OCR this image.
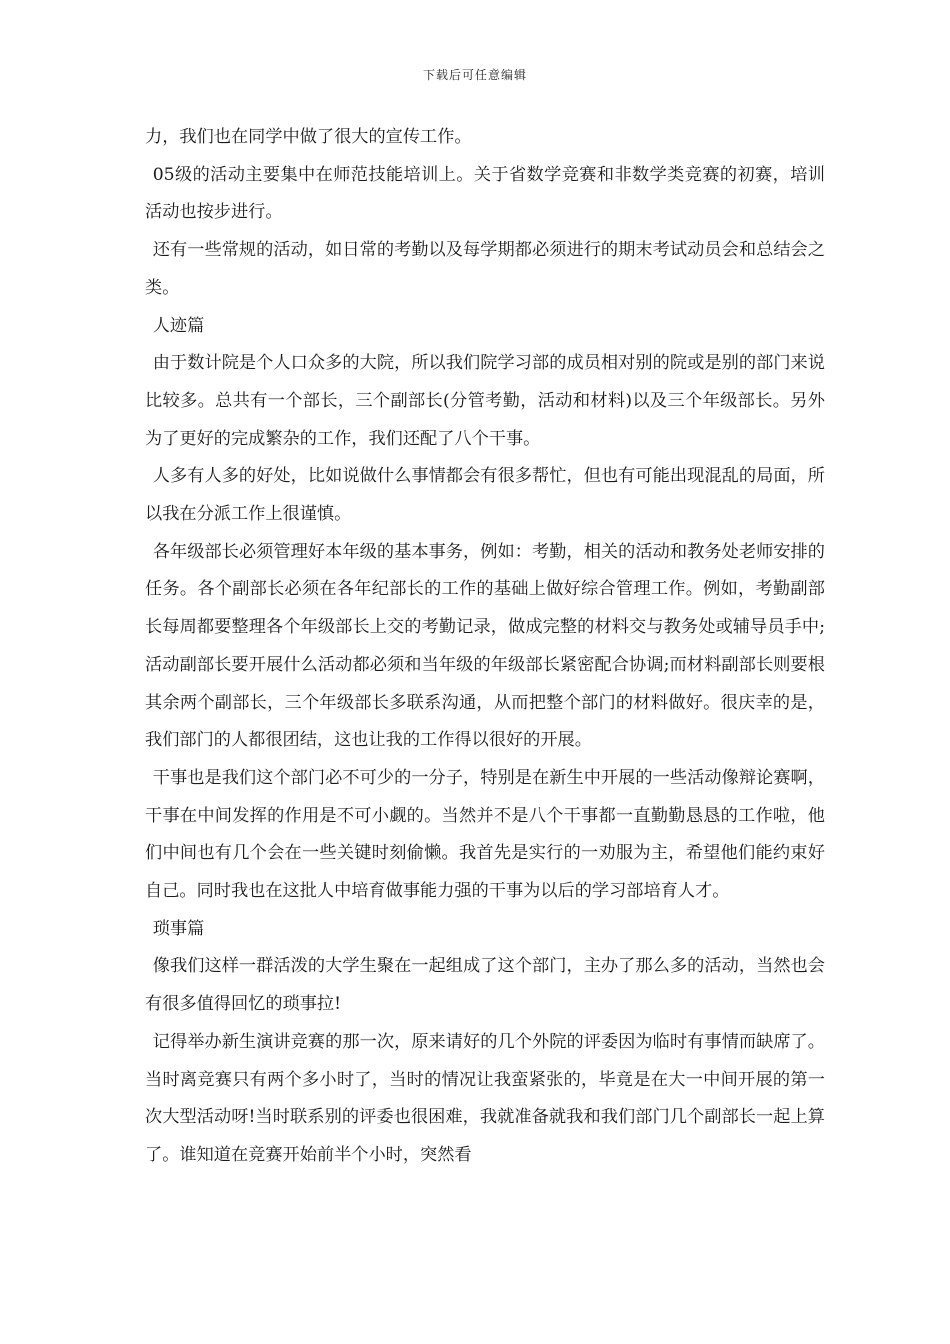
下载后可任意编辑

力，我们也在同学中做了很大的宣传工作。

05级的活动主要集中在师范技能培训上。关于省数学竞赛和非数学类竞赛的初赛，培训活动也按步进行。

还有一些常规的活动，如日常的考勤以及每学期都必须进行的期末考试动员会和总结会之类。

人迹篇

由于数计院是个人口众多的大院，所以我们院学习部的成员相对别的院或是别的部门来说比较多。总共有一个部长，三个副部长(分管考勤，活动和材料)以及三个年级部长。另外为了更好的完成繁杂的工作，我们还配了八个干事。

人多有人多的好处，比如说做什么事情都会有很多帮忙，但也有可能出现混乱的局面，所以我在分派工作上很谨慎。

各年级部长必须管理好本年级的基本事务，例如：考勤，相关的活动和教务处老师安排的任务。各个副部长必须在各年纪部长的工作的基础上做好综合管理工作。例如，考勤副部长每周都要整理各个年级部长上交的考勤记录，做成完整的材料交与教务处或辅导员手中;活动副部长要开展什么活动都必须和当年级的年级部长紧密配合协调;而材料副部长则要根其余两个副部长，三个年级部长多联系沟通，从而把整个部门的材料做好。很庆幸的是，我们部门的人都很团结，这也让我的工作得以很好的开展。

干事也是我们这个部门必不可少的一分子，特别是在新生中开展的一些活动像辩论赛啊，干事在中间发挥的作用是不可小觑的。当然并不是八个干事都一直勤勤恳恳的工作啦，他们中间也有几个会在一些关键时刻偷懒。我首先是实行的一劝服为主，希望他们能约束好自己。同时我也在这批人中培育做事能力强的干事为以后的学习部培育人才。

琐事篇

像我们这样一群活泼的大学生聚在一起组成了这个部门，主办了那么多的活动，当然也会有很多值得回忆的琐事拉!

记得举办新生演讲竞赛的那一次，原来请好的几个外院的评委因为临时有事情而缺席了。当时离竞赛只有两个多小时了，当时的情况让我蛮紧张的，毕竟是在大一中间开展的第一次大型活动呀!当时联系别的评委也很困难，我就准备就我和我们部门几个副部长一起上算了。谁知道在竞赛开始前半个小时，突然看
